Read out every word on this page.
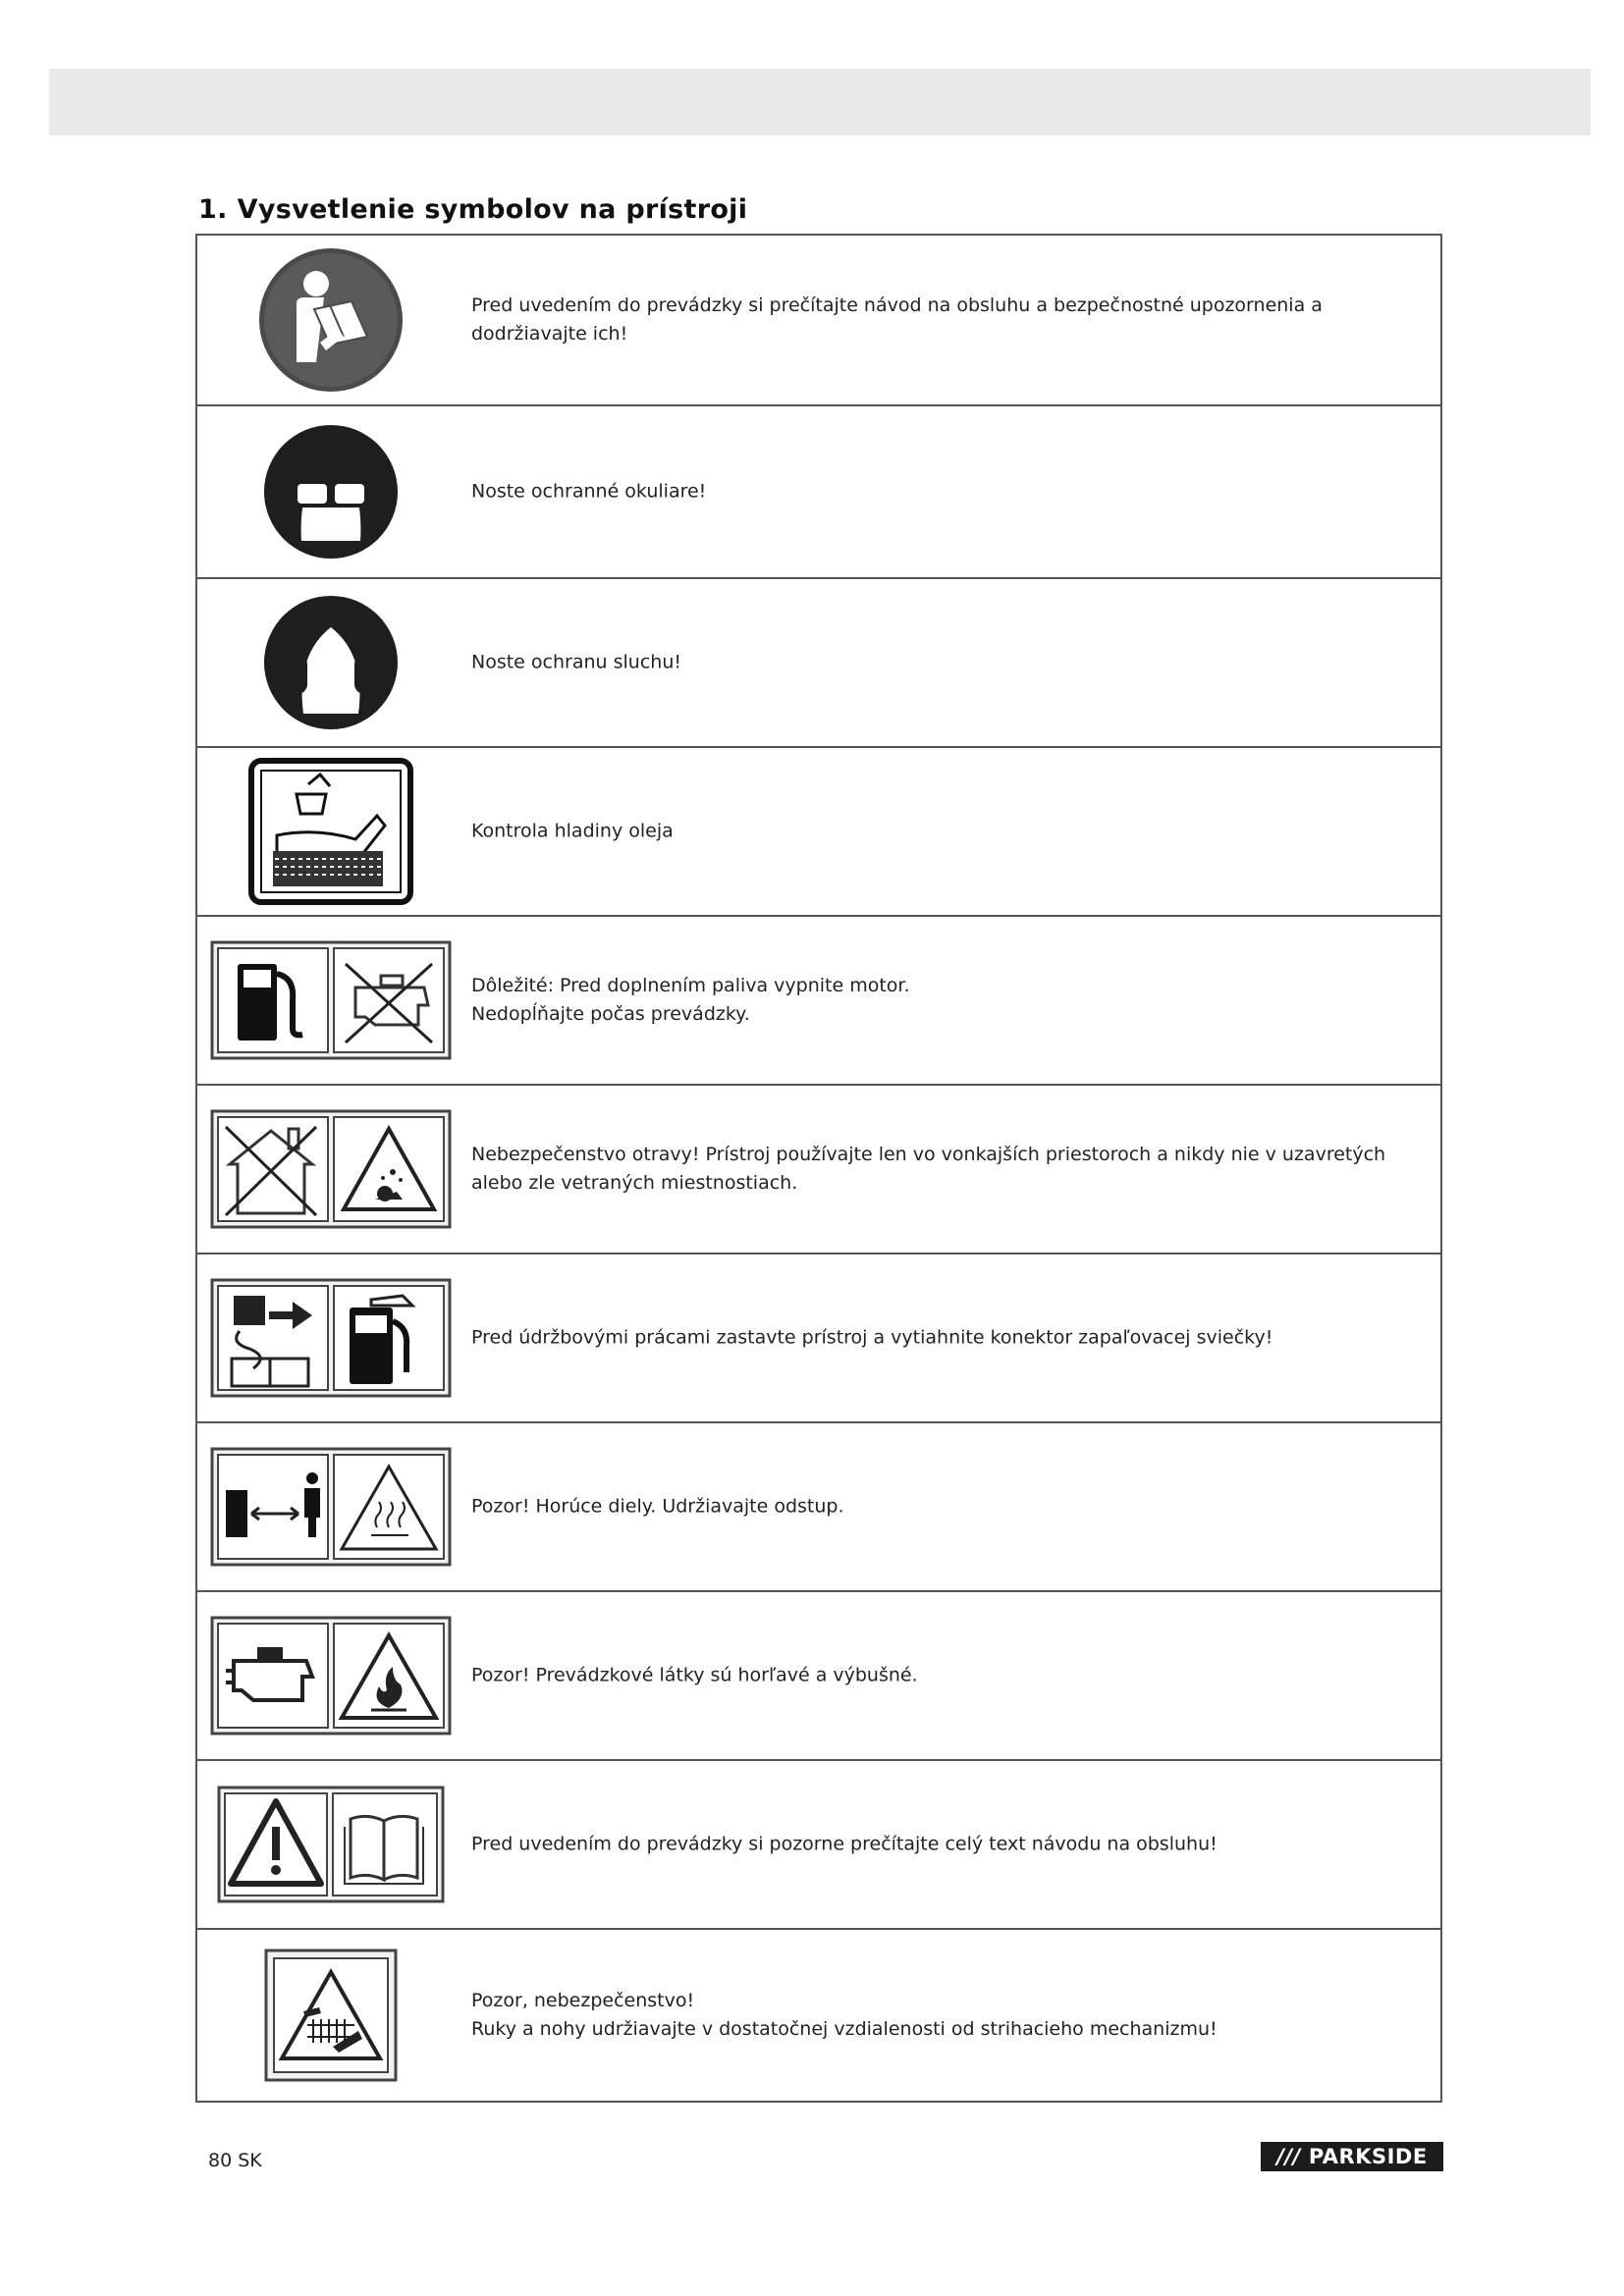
1. Vysvetlenie symbolov na prístroji
Pred uvedením do prevádzky si prečítajte návod na obsluhu a bezpečnostné upozornenia a dodržiavajte ich!
Noste ochranné okuliare!
Noste ochranu sluchu!
Kontrola hladiny oleja
Dôležité: Pred doplnením paliva vypnite motor.
Nedopĺňajte počas prevádzky.
Nebezpečenstvo otravy! Prístroj používajte len vo vonkajších priestoroch a nikdy nie v uzavretých alebo zle vetraných miestnostiach.
Pred údržbovými prácami zastavte prístroj a vytiahnite konektor zapaľovacej sviečky!
Pozor! Horúce diely. Udržiavajte odstup.
Pozor! Prevádzkové látky sú horľavé a výbušné.
Pred uvedením do prevádzky si pozorne prečítajte celý text návodu na obsluhu!
Pozor, nebezpečenstvo!
Ruky a nohy udržiavajte v dostatočnej vzdialenosti od strihacieho mechanizmu!
80 SK	/// PARKSIDE
